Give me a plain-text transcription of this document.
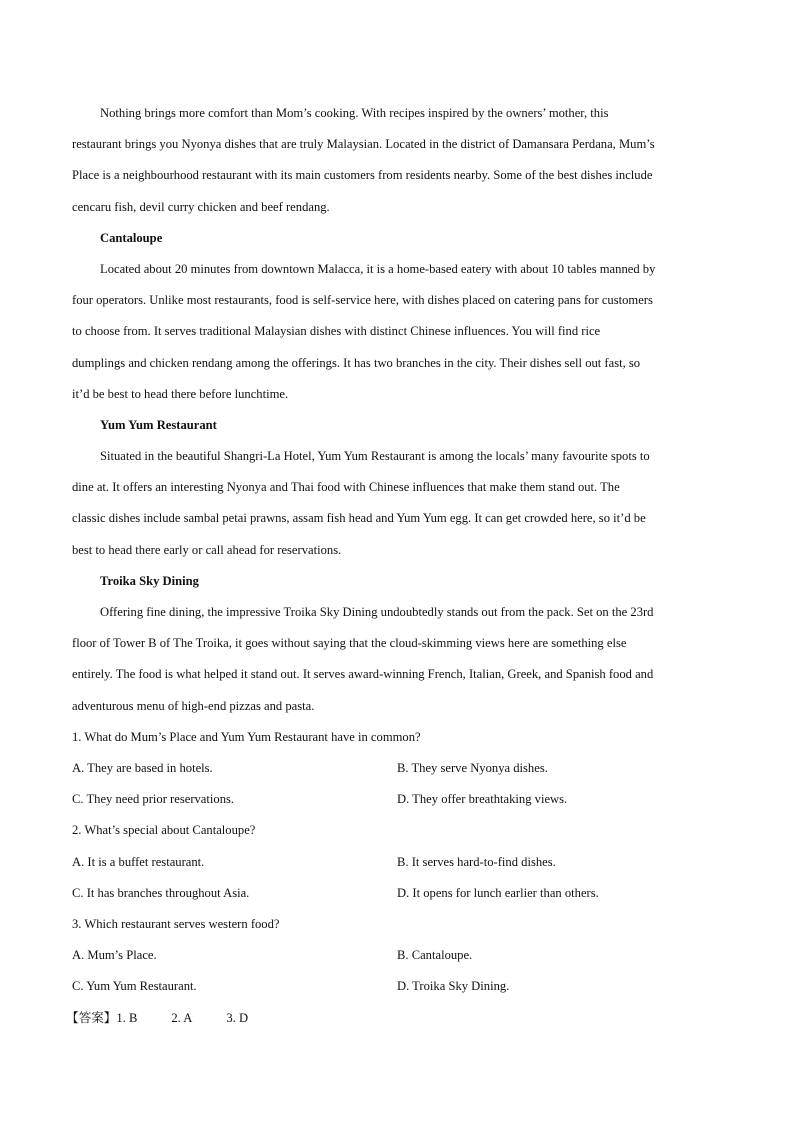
Nothing brings more comfort than Mom’s cooking. With recipes inspired by the owners’ mother, this
restaurant brings you Nyonya dishes that are truly Malaysian. Located in the district of Damansara Perdana, Mum’s
Place is a neighbourhood restaurant with its main customers from residents nearby. Some of the best dishes include
cencaru fish, devil curry chicken and beef rendang.
Cantaloupe
Located about 20 minutes from downtown Malacca, it is a home-based eatery with about 10 tables manned by
four operators. Unlike most restaurants, food is self-service here, with dishes placed on catering pans for customers
to choose from. It serves traditional Malaysian dishes with distinct Chinese influences. You will find rice
dumplings and chicken rendang among the offerings. It has two branches in the city. Their dishes sell out fast, so
it’d be best to head there before lunchtime.
Yum Yum Restaurant
Situated in the beautiful Shangri-La Hotel, Yum Yum Restaurant is among the locals’ many favourite spots to
dine at. It offers an interesting Nyonya and Thai food with Chinese influences that make them stand out. The
classic dishes include sambal petai prawns, assam fish head and Yum Yum egg. It can get crowded here, so it’d be
best to head there early or call ahead for reservations.
Troika Sky Dining
Offering fine dining, the impressive Troika Sky Dining undoubtedly stands out from the pack. Set on the 23rd
floor of Tower B of The Troika, it goes without saying that the cloud-skimming views here are something else
entirely. The food is what helped it stand out. It serves award-winning French, Italian, Greek, and Spanish food and
adventurous menu of high-end pizzas and pasta.
1. What do Mum’s Place and Yum Yum Restaurant have in common?
A. They are based in hotels.	B. They serve Nyonya dishes.
C. They need prior reservations.	D. They offer breathtaking views.
2. What’s special about Cantaloupe?
A. It is a buffet restaurant.	B. It serves hard-to-find dishes.
C. It has branches throughout Asia.	D. It opens for lunch earlier than others.
3. Which restaurant serves western food?
A. Mum’s Place.	B. Cantaloupe.
C. Yum Yum Restaurant.	D. Troika Sky Dining.
【答案】1. B	2. A	3. D
